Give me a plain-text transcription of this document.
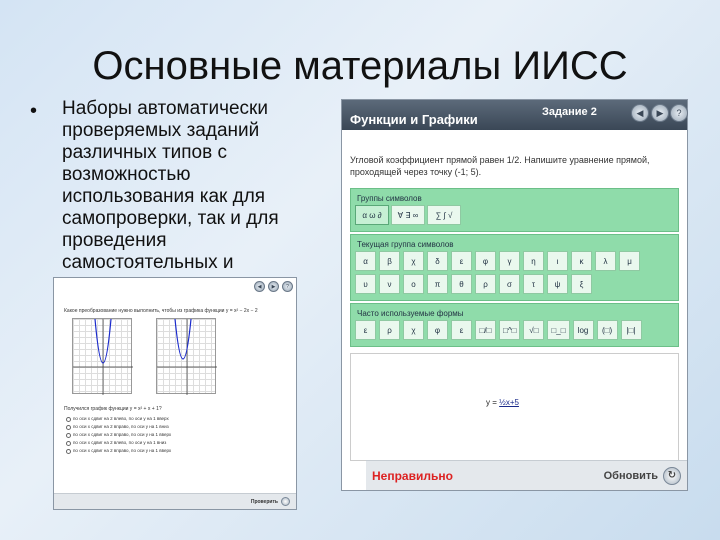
Основные материалы ИИСС
• Наборы автоматически
проверяемых заданий
различных типов с
возможностью
использования как для
самопроверки, так и для
проведения
самостоятельных и
Функции и Графики	Задание 2	◀	▶	?
Угловой коэффициент прямой равен 1/2. Напишите уравнение прямой, проходящей через точку (-1; 5).
Группы символов
α ω ∂	∀ ∃ ∞	∑ ∫ √
Текущая группа символов
α	β	χ	δ	ε	φ	γ	η	ι	κ	λ	μ
υ	ν	ο	π	θ	ρ	σ	τ	ψ	ξ
Часто используемые формы
ε	ρ	χ	φ	ε	□/□	□^□	√□	□_□	log	(□)	|□|
y = ½x+5
Неправильно	Обновить ↻
Функции и Графики	Задание 13	◀	▶	?
Какое преобразование нужно выполнить, чтобы из графика функции y = x² − 2x − 2
Получился график функции y = x² + x + 1?
по оси x сдвиг на 2 влево, по оси y на 1 вверх
по оси x сдвиг на 2 вправо, по оси y на 1 вниз
по оси x сдвиг на 2 вправо, по оси y на 1 вверх
по оси x сдвиг на 2 влево, по оси y на 1 вниз
по оси x сдвиг на 2 вправо, по оси y на 1 вверх
Проверить
